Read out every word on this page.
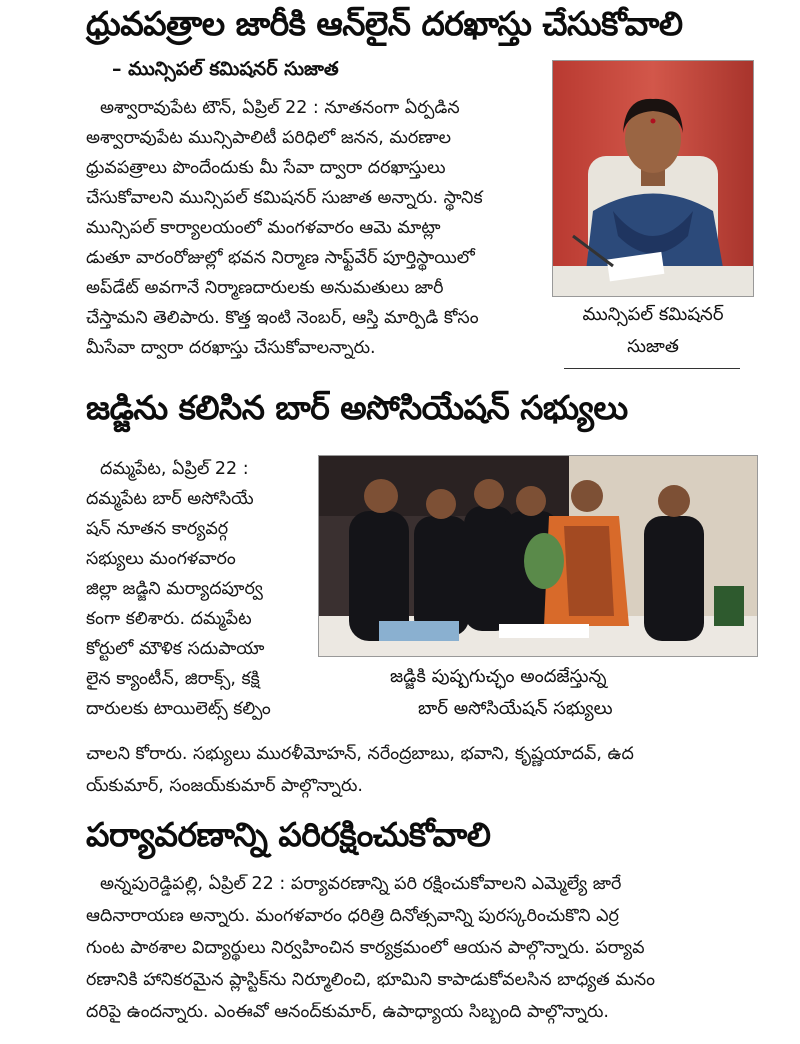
ధ్రువపత్రాల జారీకి ఆన్‌లైన్ దరఖాస్తు చేసుకోవాలి
– మున్సిపల్ కమిషనర్ సుజాత
అశ్వారావుపేట టౌన్, ఏప్రిల్ 22 : నూతనంగా ఏర్పడిన
అశ్వారావుపేట మున్సిపాలిటీ పరిధిలో జనన, మరణాల
ధ్రువపత్రాలు పొందేందుకు మీ సేవా ద్వారా దరఖాస్తులు
చేసుకోవాలని మున్సిపల్ కమిషనర్ సుజాత అన్నారు. స్థానిక
మున్సిపల్ కార్యాలయంలో మంగళవారం ఆమె మాట్లా
డుతూ వారంరోజుల్లో భవన నిర్మాణ సాఫ్ట్‌వేర్ పూర్తిస్థాయిలో
అప్‌డేట్ అవగానే నిర్మాణదారులకు అనుమతులు జారీ
చేస్తామని తెలిపారు. కొత్త ఇంటి నెంబర్, ఆస్తి మార్పిడి కోసం
మీసేవా ద్వారా దరఖాస్తు చేసుకోవాలన్నారు.
మున్సిపల్ కమిషనర్
సుజాత
జడ్జిను కలిసిన బార్ అసోసియేషన్ సభ్యులు
దమ్మపేట, ఏప్రిల్ 22 :
దమ్మపేట బార్ అసోసియే
షన్ నూతన కార్యవర్గ
సభ్యులు మంగళవారం
జిల్లా జడ్జిని మర్యాదపూర్వ
కంగా కలిశారు. దమ్మపేట
కోర్టులో మౌళిక సదుపాయా
లైన క్యాంటీన్, జిరాక్స్, కక్షి
దారులకు టాయిలెట్స్ కల్పిం
జడ్జికి పుష్పగుచ్ఛం అందజేస్తున్న
బార్ అసోసియేషన్ సభ్యులు
చాలని కోరారు. సభ్యులు మురళీమోహన్, నరేంద్రబాబు, భవాని, కృష్ణయాదవ్, ఉద
య్‌కుమార్, సంజయ్‌కుమార్ పాల్గొన్నారు.
పర్యావరణాన్ని పరిరక్షించుకోవాలి
అన్నపురెడ్డిపల్లి, ఏప్రిల్ 22 : పర్యావరణాన్ని పరి రక్షించుకోవాలని ఎమ్మెల్యే జారే
ఆదినారాయణ అన్నారు. మంగళవారం ధరిత్రి దినోత్సవాన్ని పురస్కరించుకొని ఎర్ర
గుంట పాఠశాల విద్యార్థులు నిర్వహించిన కార్యక్రమంలో ఆయన పాల్గొన్నారు. పర్యావ
రణానికి హానికరమైన ప్లాస్టిక్‌ను నిర్మూలించి, భూమిని కాపాడుకోవలసిన బాధ్యత మనం
దరిపై ఉందన్నారు. ఎంఈవో ఆనంద్‌కుమార్, ఉపాధ్యాయ సిబ్బంది పాల్గొన్నారు.
